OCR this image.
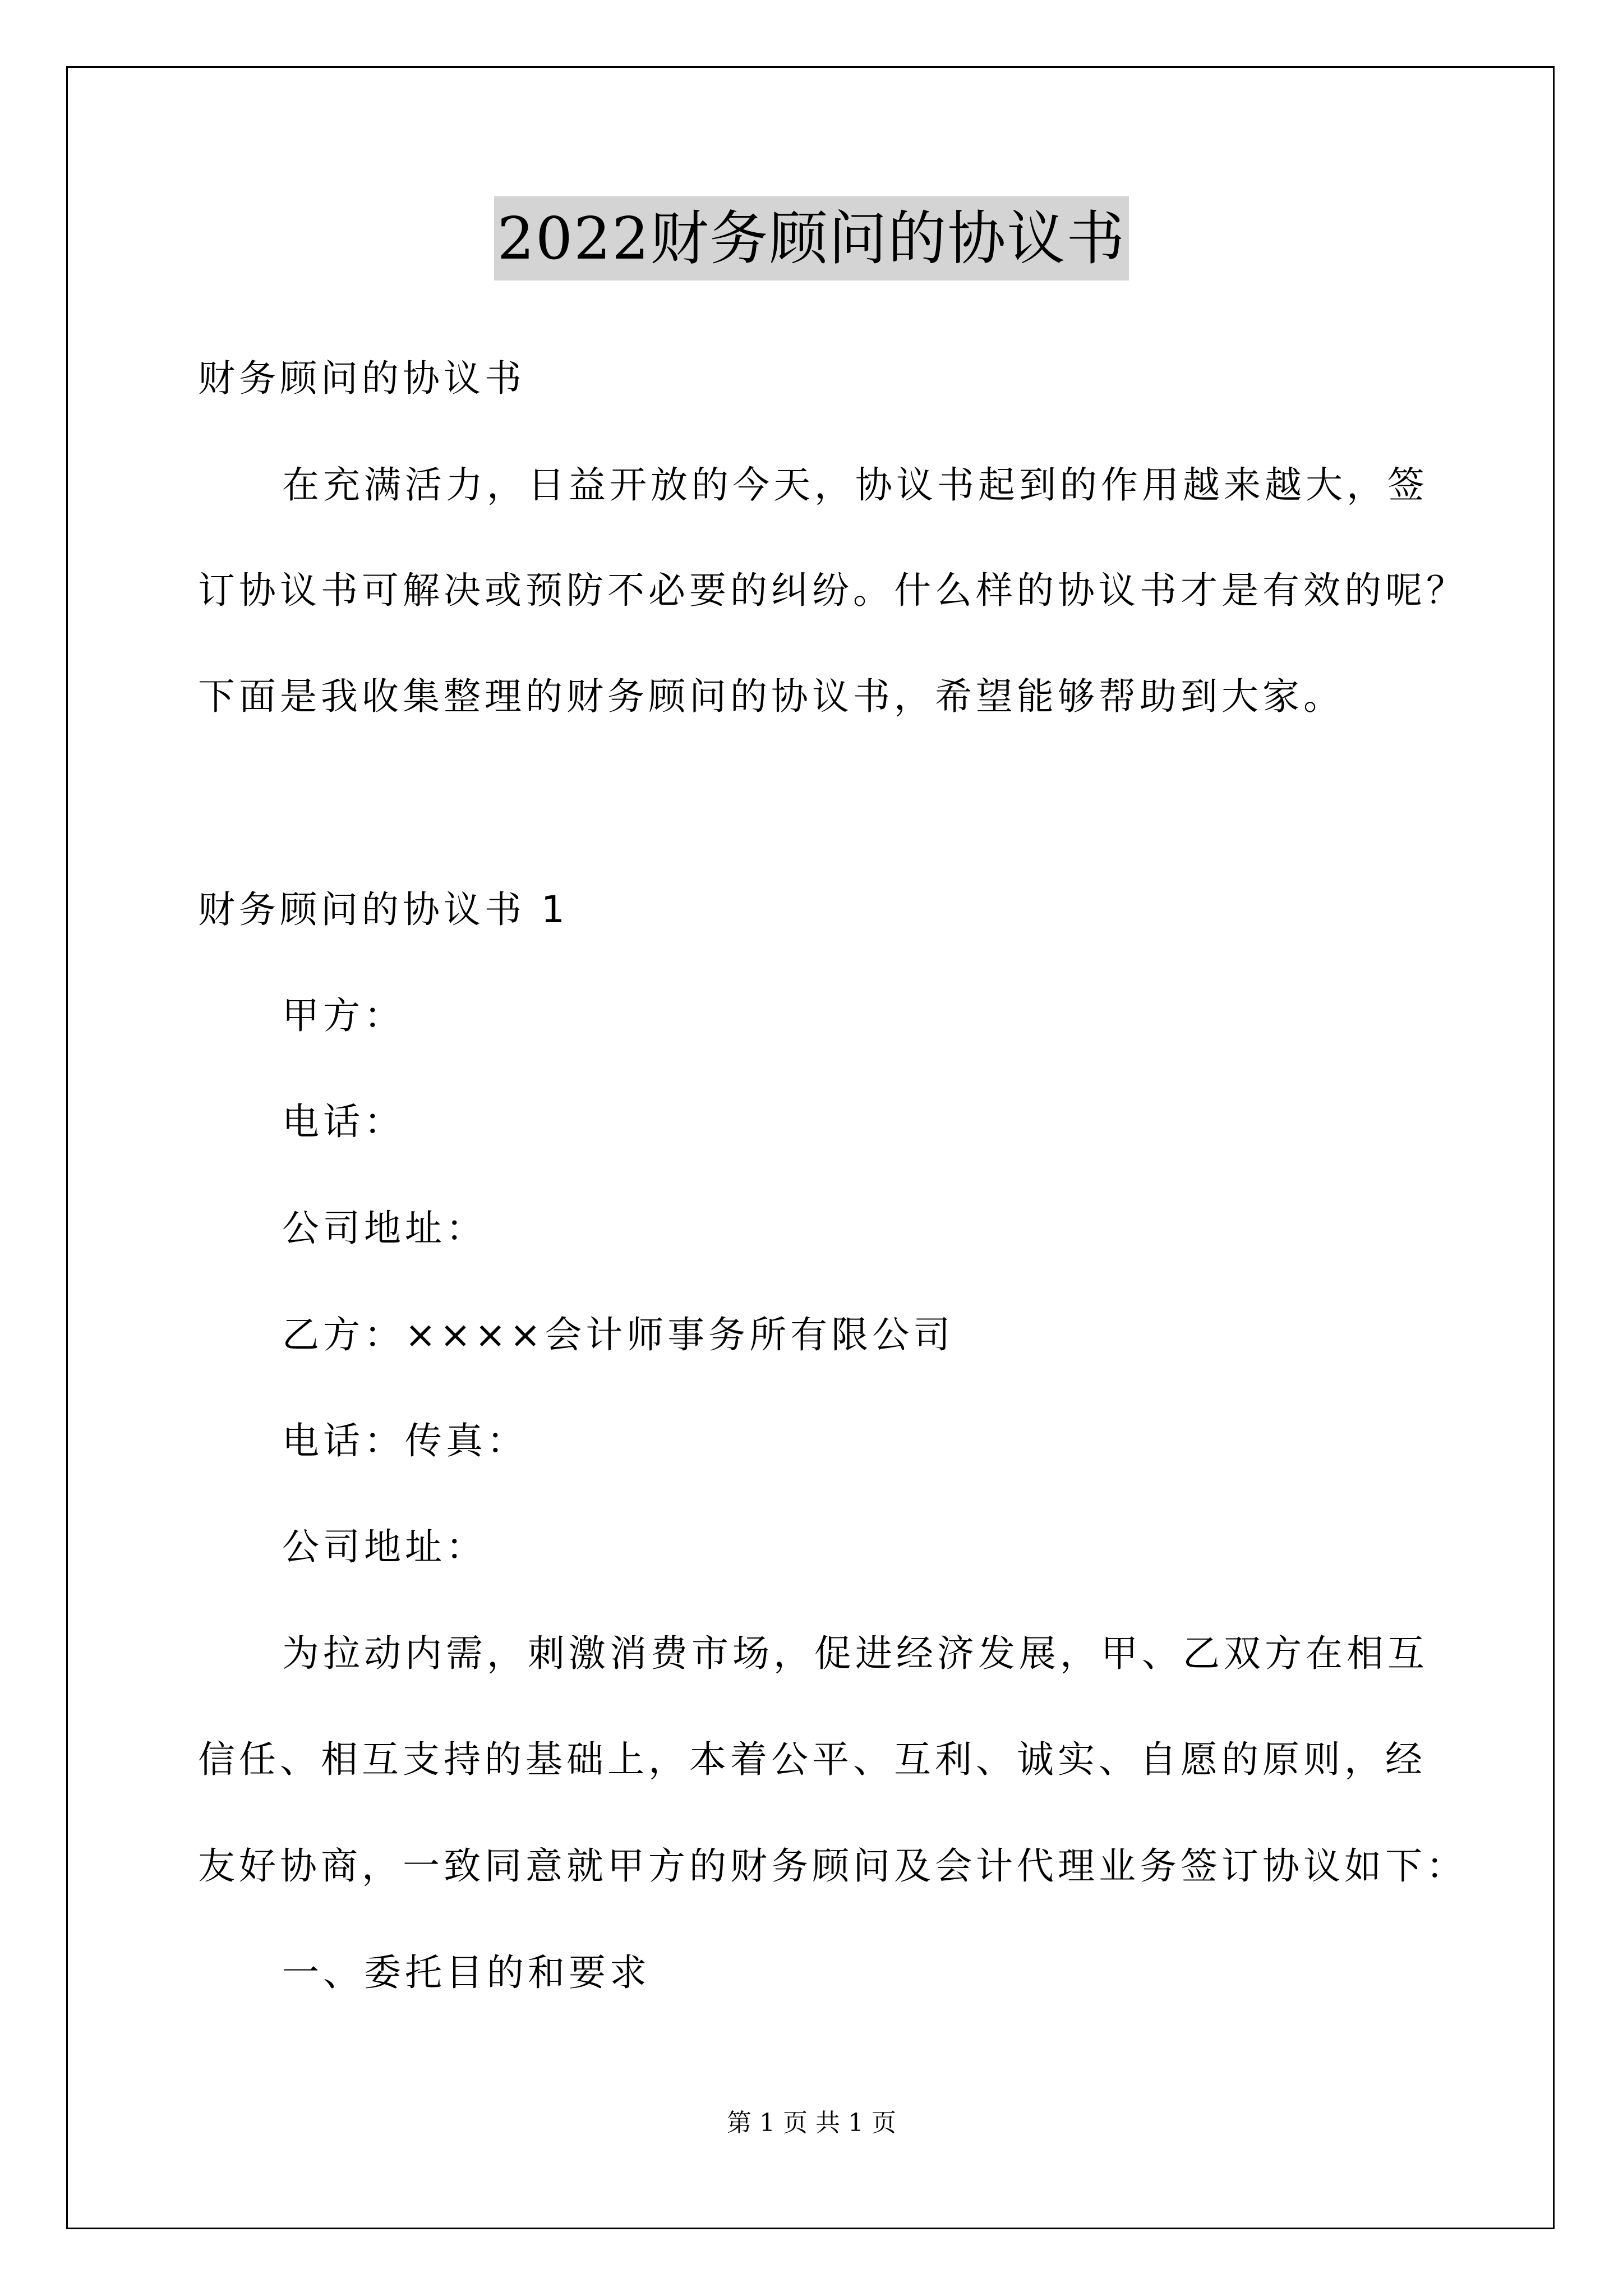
2022财务顾问的协议书
财务顾问的协议书
在充满活力，日益开放的今天，协议书起到的作用越来越大，签
订协议书可解决或预防不必要的纠纷。什么样的协议书才是有效的呢？
下面是我收集整理的财务顾问的协议书，希望能够帮助到大家。
财务顾问的协议书 1
甲方：
电话：
公司地址：
乙方：××××会计师事务所有限公司
电话：传真：
公司地址：
为拉动内需，刺激消费市场，促进经济发展，甲、乙双方在相互
信任、相互支持的基础上，本着公平、互利、诚实、自愿的原则，经
友好协商，一致同意就甲方的财务顾问及会计代理业务签订协议如下：
一、委托目的和要求
第 1 页 共 1 页
